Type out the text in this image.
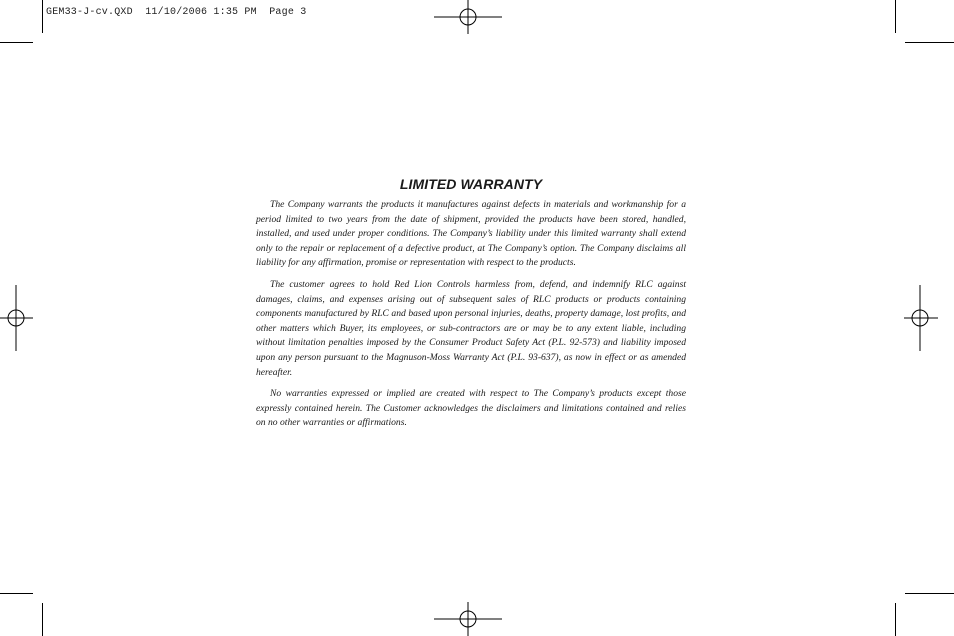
GEM33-J-cv.QXD  11/10/2006 1:35 PM  Page 3
LIMITED WARRANTY

The Company warrants the products it manufactures against defects in materials and workmanship for a period limited to two years from the date of shipment, provided the products have been stored, handled, installed, and used under proper conditions. The Company’s liability under this limited warranty shall extend only to the repair or replacement of a defective product, at The Company’s option. The Company disclaims all liability for any affirmation, promise or representation with respect to the products.

The customer agrees to hold Red Lion Controls harmless from, defend, and indemnify RLC against damages, claims, and expenses arising out of subsequent sales of RLC products or products containing components manufactured by RLC and based upon personal injuries, deaths, property damage, lost profits, and other matters which Buyer, its employees, or sub-contractors are or may be to any extent liable, including without limitation penalties imposed by the Consumer Product Safety Act (P.L. 92-573) and liability imposed upon any person pursuant to the Magnuson-Moss Warranty Act (P.L. 93-637), as now in effect or as amended hereafter.

No warranties expressed or implied are created with respect to The Company’s products except those expressly contained herein. The Customer acknowledges the disclaimers and limitations contained and relies on no other warranties or affirmations.
